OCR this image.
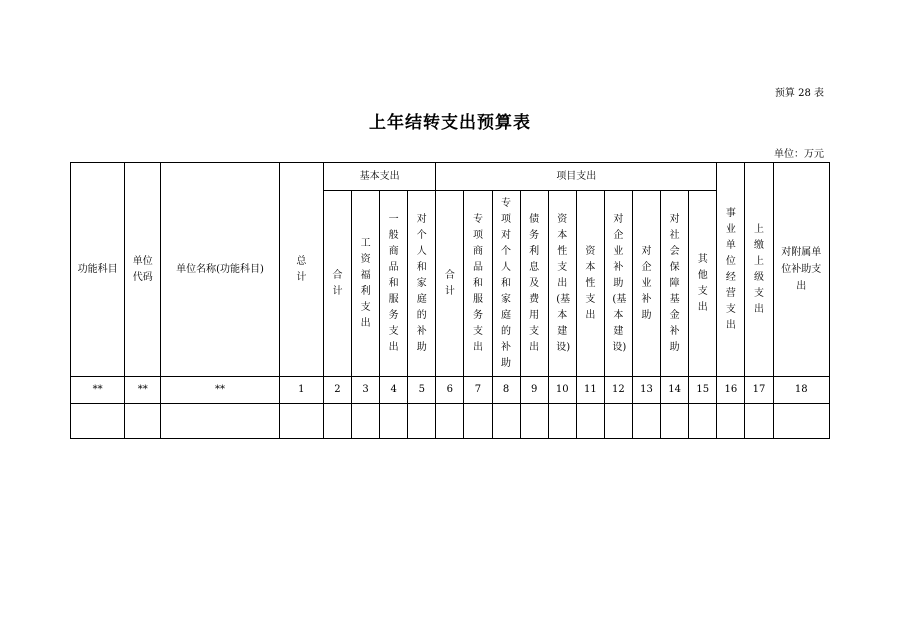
预算 28 表
上年结转支出预算表
单位：万元
功能科目	单位代码	单位名称(功能科目)	总计	基本支出				项目支出										事业单位经营支出	上缴上级支出	对附属单位补助支出

				合计	工资福利支出	一般商品和服务支出	对个人和家庭的补助	合计	专项商品和服务支出	专项对个人和家庭的补助	债务利息及费用支出	资本性支出(基本建设)	资本性支出	对企业补助(基本建设)	对企业补助	对社会保障基金补助	其他支出			

**	**	**	1	2	3	4	5	6	7	8	9	10	11	12	13	14	15	16	17	18
